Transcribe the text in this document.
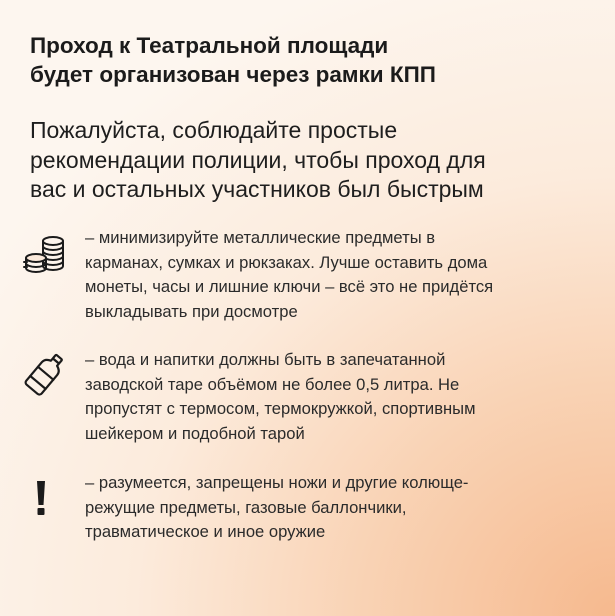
Проход к Театральной площади
будет организован через рамки КПП
Пожалуйста, соблюдайте простые
рекомендации полиции, чтобы проход для
вас и остальных участников был быстрым
– минимизируйте металлические предметы в
карманах, сумках и рюкзаках. Лучше оставить дома
монеты, часы и лишние ключи – всё это не придётся
выкладывать при досмотре
– вода и напитки должны быть в запечатанной
заводской таре объёмом не более 0,5 литра. Не
пропустят с термосом, термокружкой, спортивным
шейкером и подобной тарой
– разумеется, запрещены ножи и другие колюще-
режущие предметы, газовые баллончики,
травматическое и иное оружие
